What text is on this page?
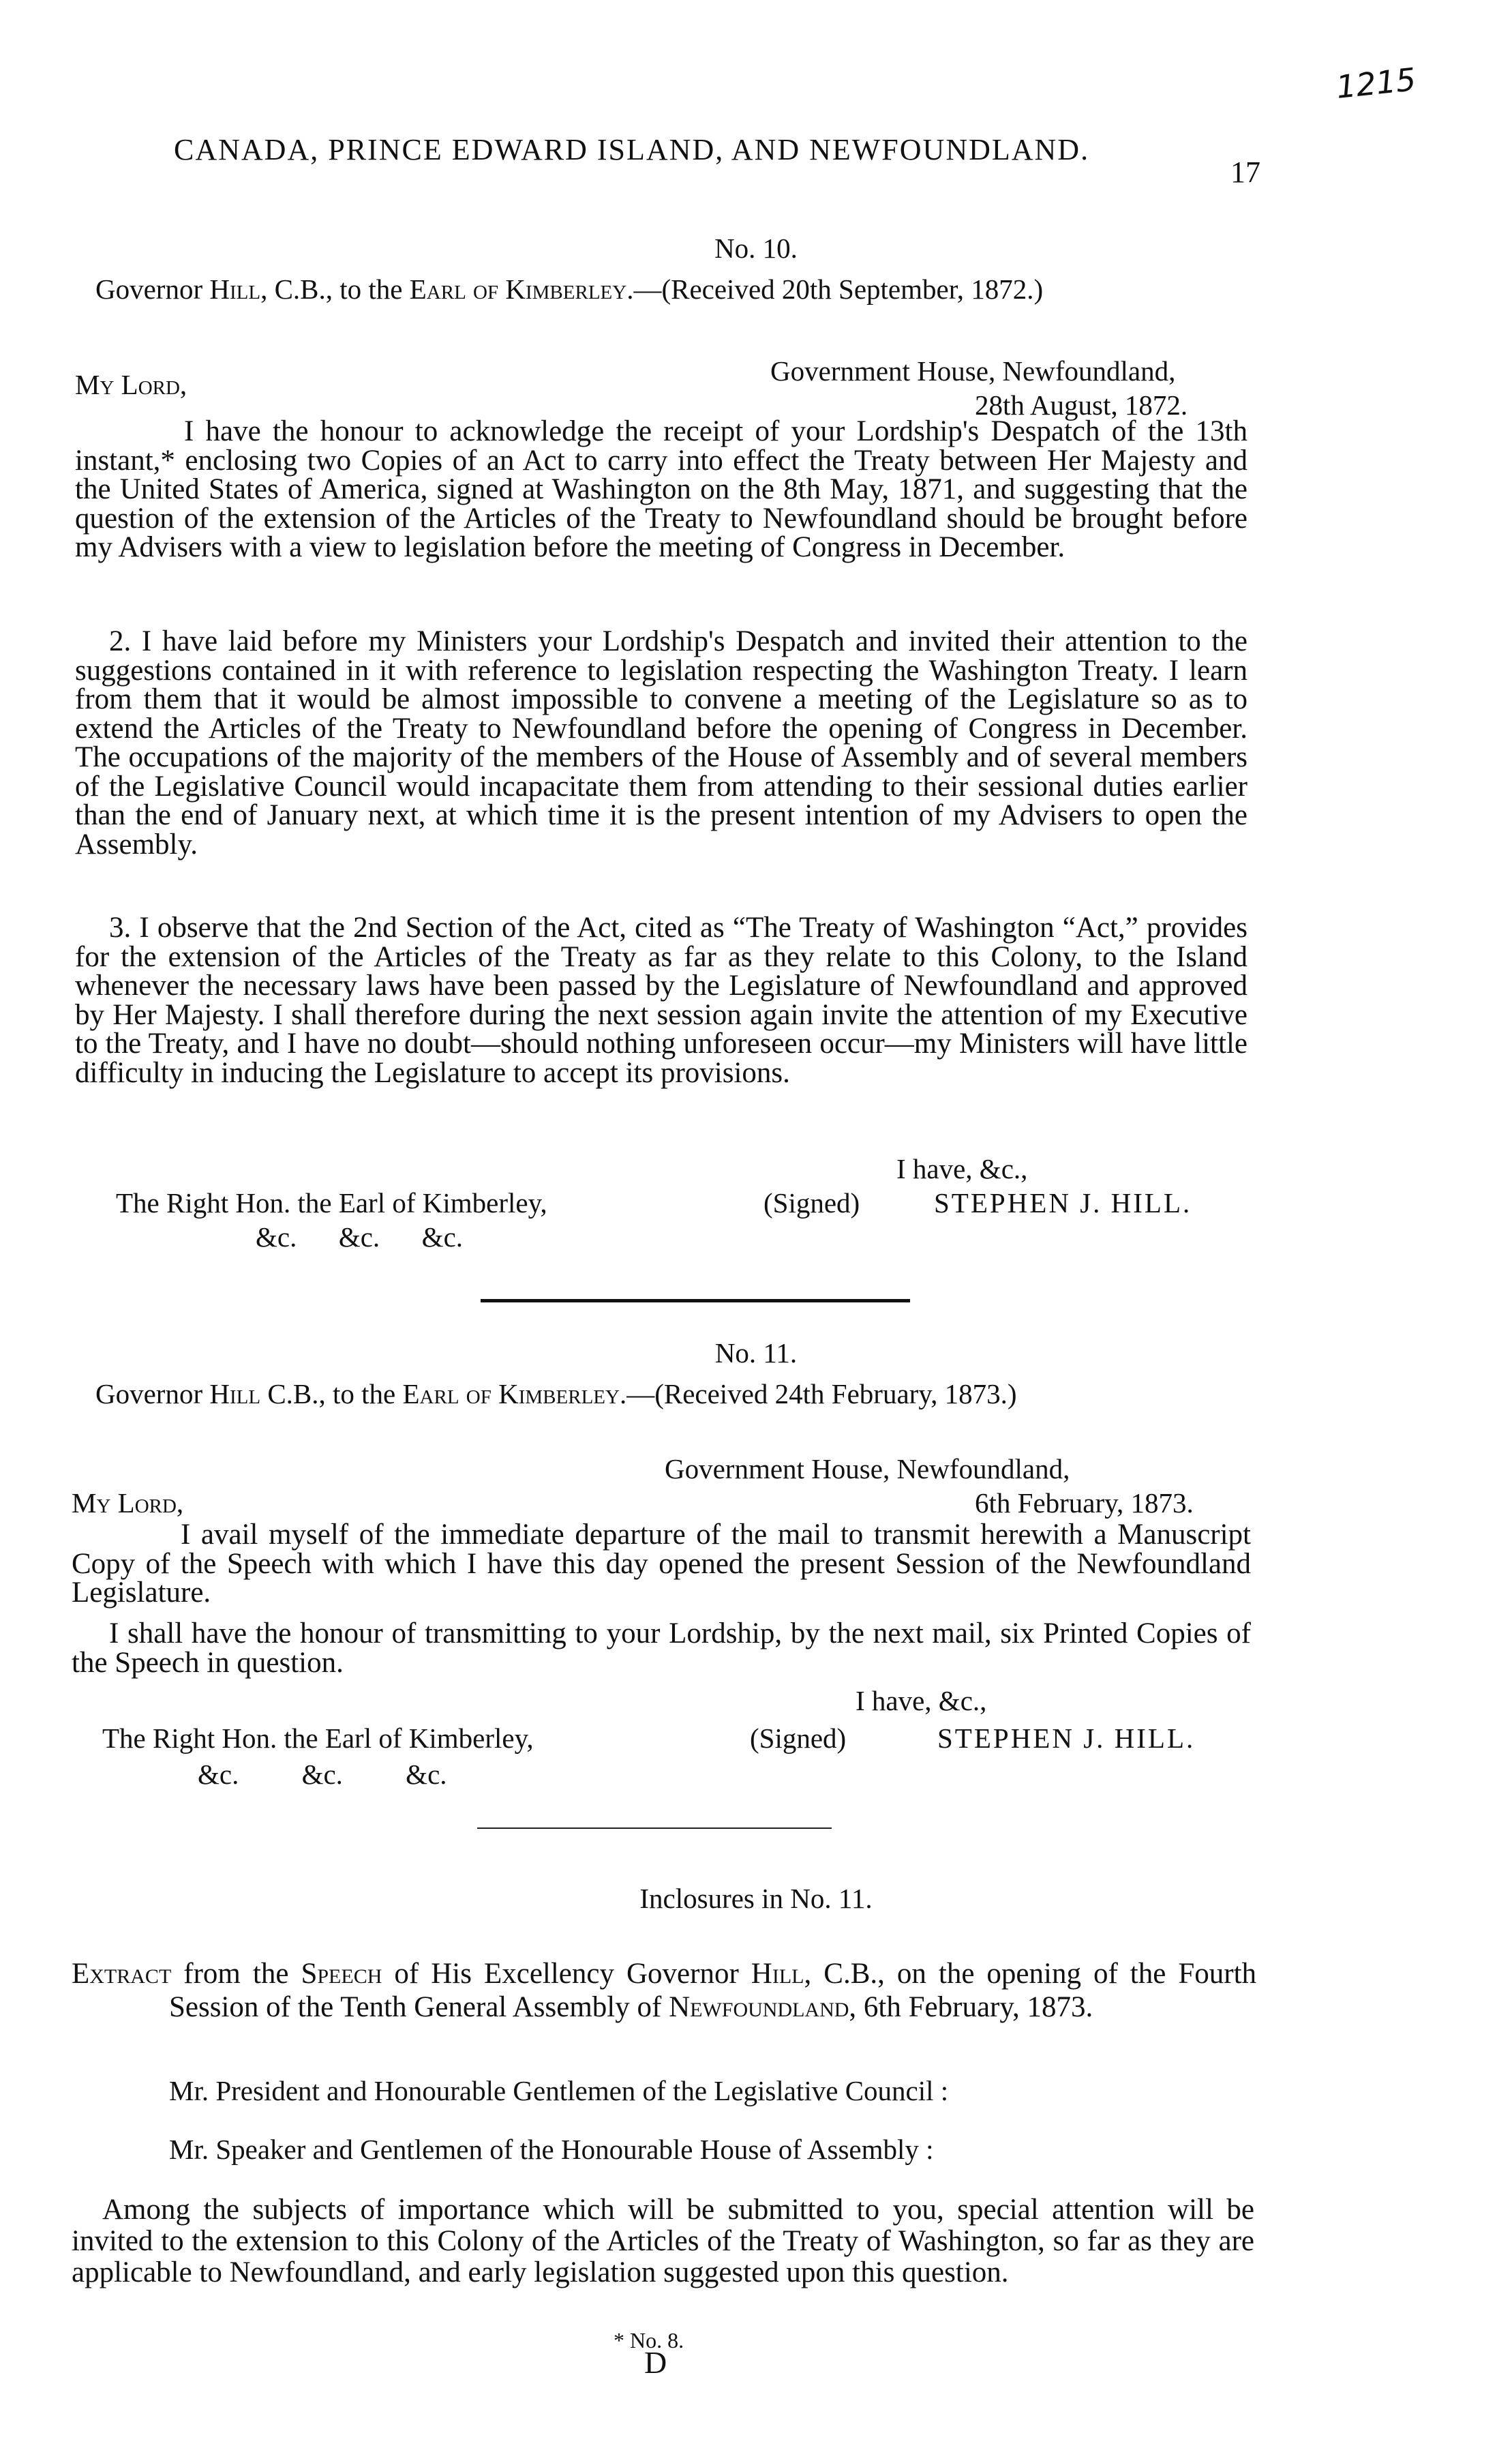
1215
CANADA, PRINCE EDWARD ISLAND, AND NEWFOUNDLAND.
17
No. 10.
Governor Hill, C.B., to the Earl of Kimberley.—(Received 20th September, 1872.)
My Lord,	Government House, Newfoundland,
28th August, 1872.
I have the honour to acknowledge the receipt of your Lordship's Despatch of the 13th instant,* enclosing two Copies of an Act to carry into effect the Treaty between Her Majesty and the United States of America, signed at Washington on the 8th May, 1871, and suggesting that the question of the extension of the Articles of the Treaty to Newfoundland should be brought before my Advisers with a view to legislation before the meeting of Congress in December.
2. I have laid before my Ministers your Lordship's Despatch and invited their attention to the suggestions contained in it with reference to legislation respecting the Washington Treaty. I learn from them that it would be almost impossible to convene a meeting of the Legislature so as to extend the Articles of the Treaty to Newfoundland before the opening of Congress in December. The occupations of the majority of the members of the House of Assembly and of several members of the Legislative Council would incapacitate them from attending to their sessional duties earlier than the end of January next, at which time it is the present intention of my Advisers to open the Assembly.
3. I observe that the 2nd Section of the Act, cited as “The Treaty of Washington “Act,” provides for the extension of the Articles of the Treaty as far as they relate to this Colony, to the Island whenever the necessary laws have been passed by the Legislature of Newfoundland and approved by Her Majesty. I shall therefore during the next session again invite the attention of my Executive to the Treaty, and I have no doubt—should nothing unforeseen occur—my Ministers will have little difficulty in inducing the Legislature to accept its provisions.
I have, &c.,
The Right Hon. the Earl of Kimberley,	(Signed)	STEPHEN J. HILL.
&c.      &c.      &c.
No. 11.
Governor Hill C.B., to the Earl of Kimberley.—(Received 24th February, 1873.)
Government House, Newfoundland,
My Lord,	6th February, 1873.
I avail myself of the immediate departure of the mail to transmit herewith a Manuscript Copy of the Speech with which I have this day opened the present Session of the Newfoundland Legislature.
I shall have the honour of transmitting to your Lordship, by the next mail, six Printed Copies of the Speech in question.
I have, &c.,
The Right Hon. the Earl of Kimberley,	(Signed)	STEPHEN J. HILL.
&c.         &c.         &c.
Inclosures in No. 11.
Extract from the Speech of His Excellency Governor Hill, C.B., on the opening of the Fourth Session of the Tenth General Assembly of Newfoundland, 6th February, 1873.
Mr. President and Honourable Gentlemen of the Legislative Council :
Mr. Speaker and Gentlemen of the Honourable House of Assembly :
Among the subjects of importance which will be submitted to you, special attention will be invited to the extension to this Colony of the Articles of the Treaty of Washington, so far as they are applicable to Newfoundland, and early legislation suggested upon this question.
* No. 8.
D
